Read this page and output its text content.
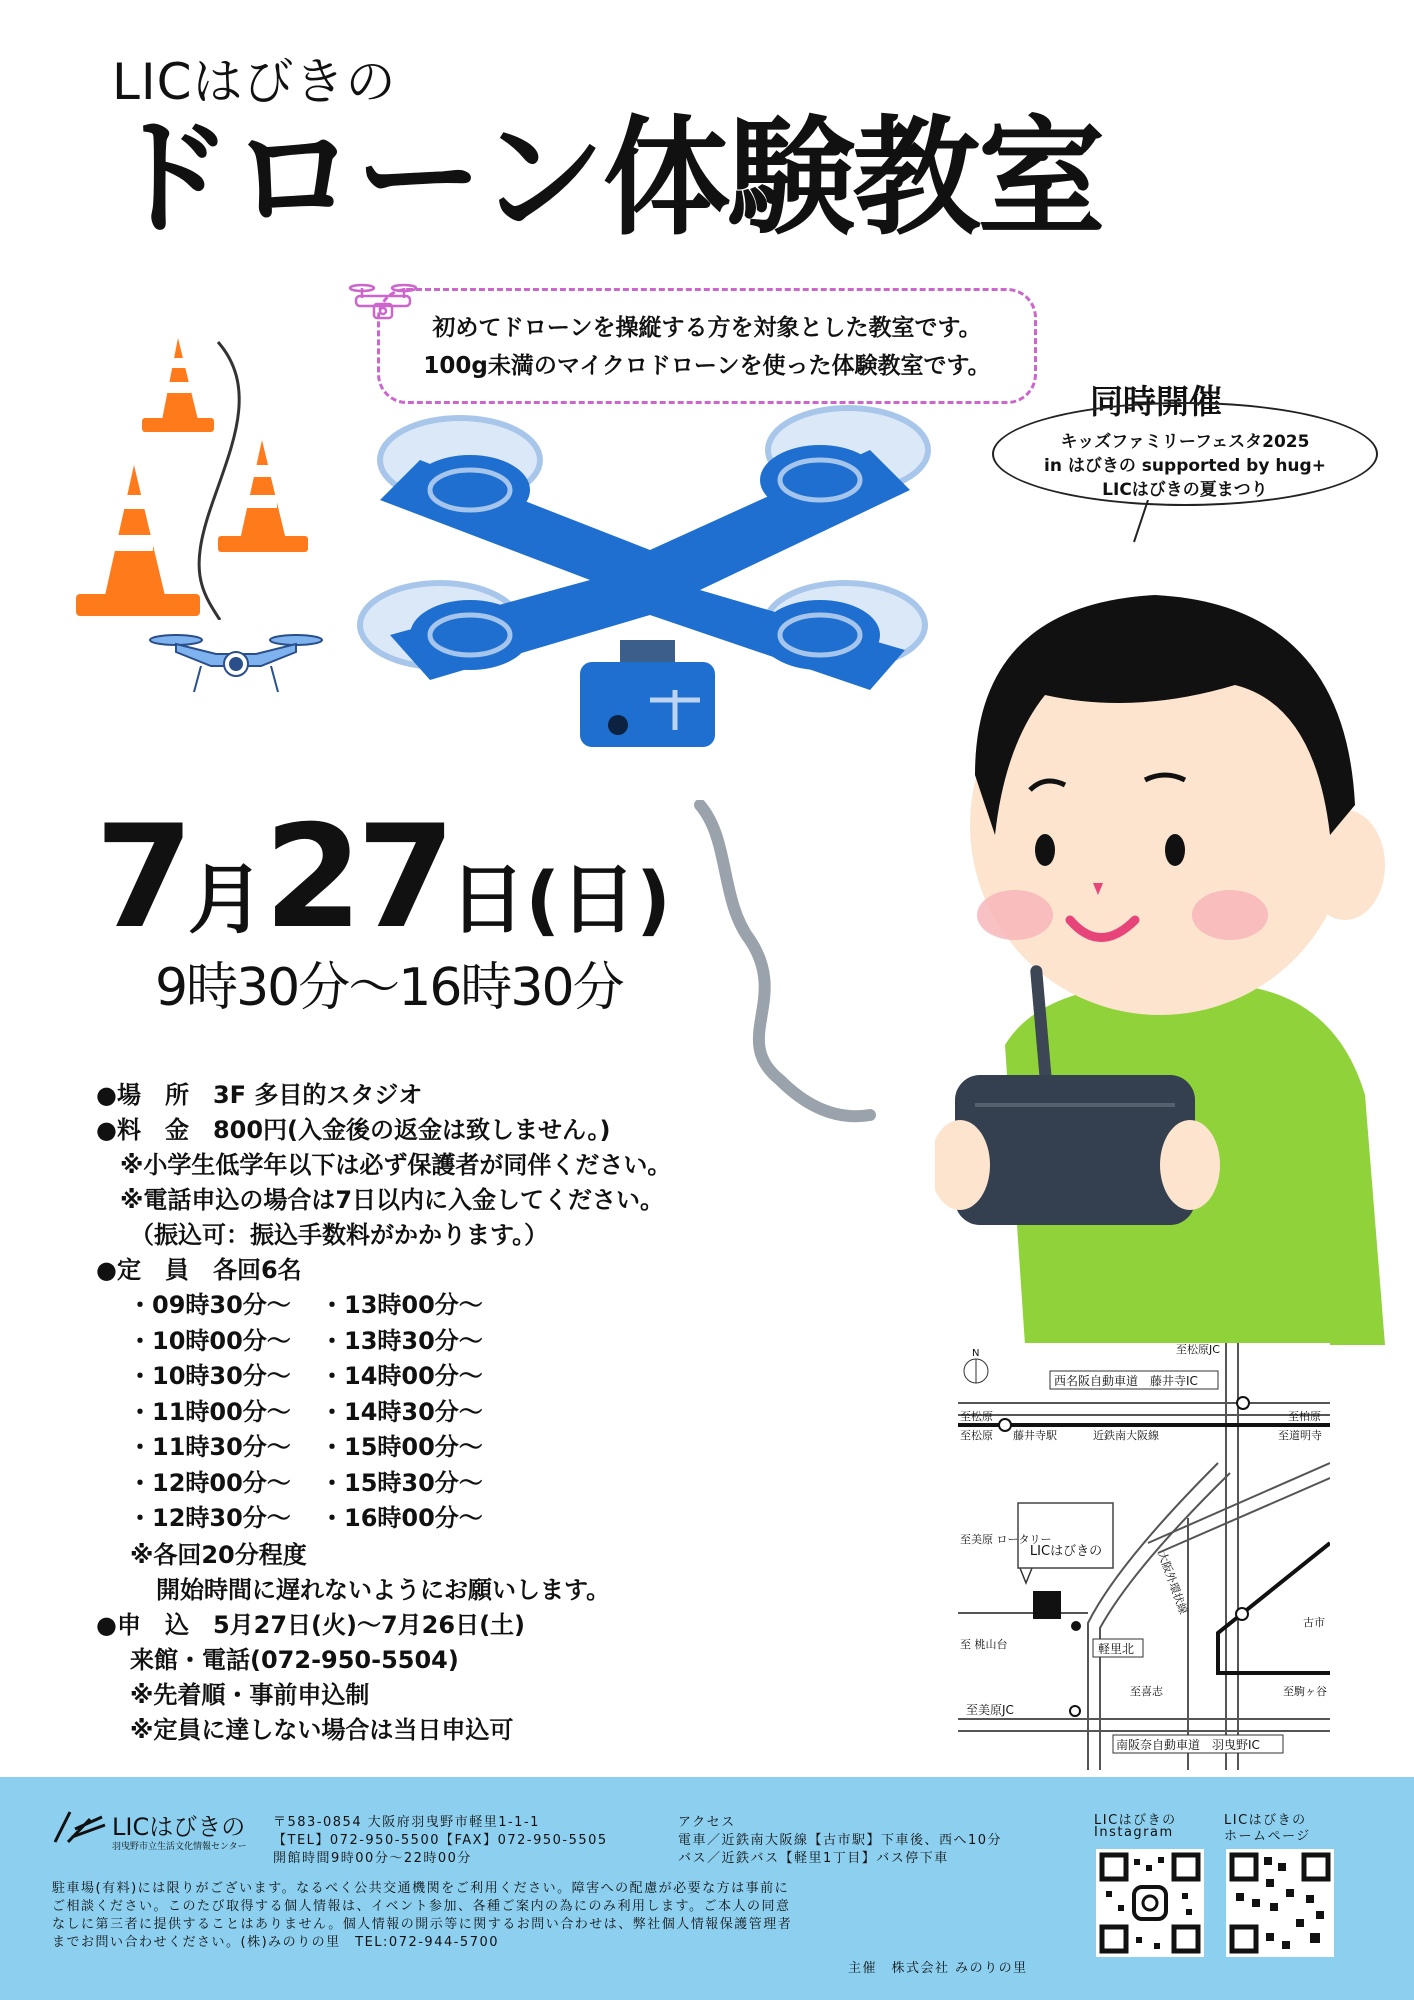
LICはびきの
ドローン体験教室
初めてドローンを操縦する方を対象とした教室です。
100g未満のマイクロドローンを使った体験教室です。
同時開催
キッズファミリーフェスタ2025
in はびきの supported by hug+
LICはびきの夏まつり
7月27日(日)
9時30分～16時30分
●場　所　3F 多目的スタジオ
●料　金　800円(入金後の返金は致しません。)
※小学生低学年以下は必ず保護者が同伴ください。
※電話申込の場合は7日以内に入金してください。
（振込可：振込手数料がかかります。）
●定　員　各回6名
・09時30分～ ・13時00分～
・10時00分～ ・13時30分～
・10時30分～ ・14時00分～
・11時00分～ ・14時30分～
・11時30分～ ・15時00分～
・12時00分～ ・15時30分～
・12時30分～ ・16時00分～
※各回20分程度
開始時間に遅れないようにお願いします。
●申　込　5月27日(火)～7月26日(土)
来館・電話(072-950-5504)
※先着順・事前申込制
※定員に達しない場合は当日申込可
LICはびきの
N	至松原JC
西名阪自動車道　藤井寺IC
至松原
至松原 藤井寺駅	近鉄南大阪線
至柏原
至道明寺
至美原 ロータリー
軽里北
至 桃山台
至喜志	至駒ヶ谷
至美原JC
南阪奈自動車道　羽曳野IC
大阪外環状線
古市
LICはびきの
羽曳野市立生活文化情報センター
〒583-0854 大阪府羽曳野市軽里1-1-1
【TEL】072-950-5500【FAX】072-950-5505
開館時間9時00分～22時00分
アクセス
電車／近鉄南大阪線【古市駅】下車後、西へ10分
バス／近鉄バス【軽里1丁目】バス停下車
駐車場(有料)には限りがございます。なるべく公共交通機関をご利用ください。障害への配慮が必要な方は事前に
ご相談ください。このたび取得する個人情報は、イベント参加、各種ご案内の為にのみ利用します。ご本人の同意
なしに第三者に提供することはありません。個人情報の開示等に関するお問い合わせは、弊社個人情報保護管理者
までお問い合わせください。(株)みのりの里　TEL:072-944-5700
主催　株式会社 みのりの里
LICはびきの
Instagram
LICはびきの
ホームページ
